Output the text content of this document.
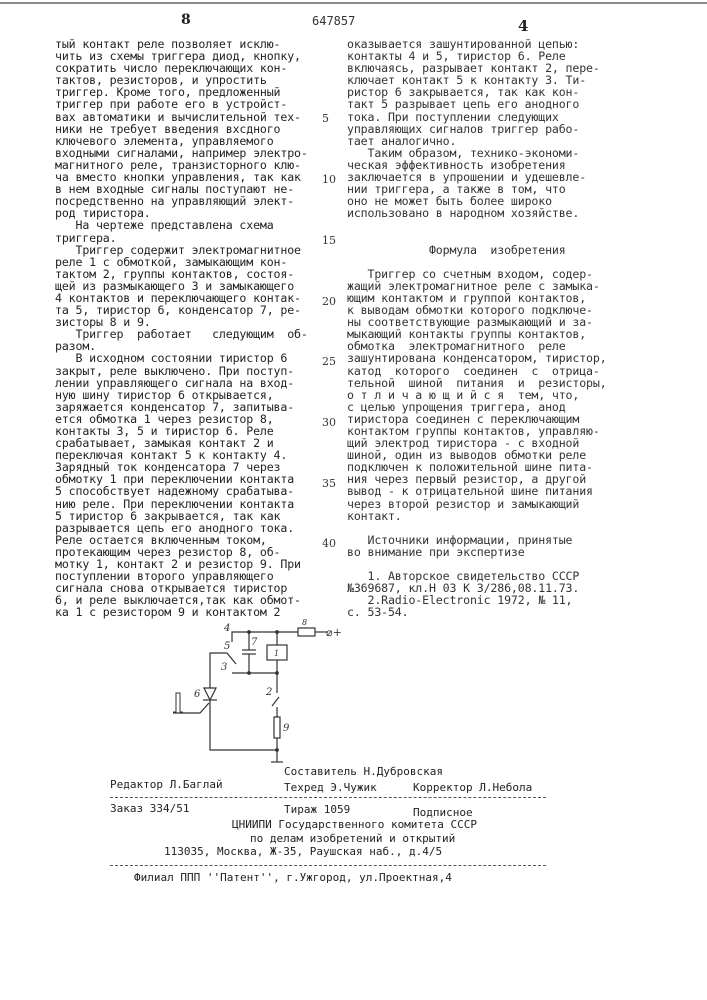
8	647857	4
тый контакт реле позволяет исклю-
чить из схемы триггера диод, кнопку,
сократить число переключающих кон-
тактов, резисторов, и упростить
триггер. Кроме того, предложенный
триггер при работе его в устройст-
вах автоматики и вычислительной тех-
ники не требует введения вхсдного
ключевого элемента, управляемого
входными сигналами, например электро-
магнитного реле, транзисторного клю-
ча вместо кнопки управления, так как
в нем входные сигналы поступают не-
посредственно на управляющий элект-
род тиристора.
На чертеже представлена схема
триггера.
Триггер содержит электромагнитное
реле 1 с обмоткой, замыкающим кон-
тактом 2, группы контактов, состоя-
щей из размыкающего 3 и замыкающего
4 контактов и переключающего контак-
та 5, тиристор 6, конденсатор 7, ре-
зисторы 8 и 9.
Триггер  работает   следующим  об-
разом.
В исходном состоянии тиристор 6
закрыт, реле выключено. При поступ-
лении управляющего сигнала на вход-
ную шину тиристор 6 открывается,
заряжается конденсатор 7, запитыва-
ется обмотка 1 через резистор 8,
контакты 3, 5 и тиристор 6. Реле
срабатывает, замыкая контакт 2 и
переключая контакт 5 к контакту 4.
Зарядный ток конденсатора 7 через
обмотку 1 при переключении контакта
5 способствует надежному срабатыва-
нию реле. При переключении контакта
5 тиристор 6 закрывается, так как
разрывается цепь его анодного тока.
Реле остается включенным током,
протекающим через резистор 8, об-
мотку 1, контакт 2 и резистор 9. При
поступлении второго управляющего
сигнала снова открывается тиристор
6, и реле выключается,так как обмот-
ка 1 с резистором 9 и контактом 2
оказывается зашунтированной цепью:
контакты 4 и 5, тиристор 6. Реле
включаясь, разрывает контакт 2, пере-
ключает контакт 5 к контакту 3. Ти-
ристор 6 закрывается, так как кон-
такт 5 разрывает цепь его анодного
тока. При поступлении следующих
управляющих сигналов триггер рабо-
тает аналогично.
Таким образом, технико-экономи-
ческая эффективность изобретения
заключается в упрошении и удешевле-
нии триггера, а также в том, что
оно не может быть более широко
использовано в народном хозяйстве.
Формула  изобретения
Триггер со счетным входом, содер-
жащий электромагнитное реле с замыка-
ющим контактом и группой контактов,
к выводам обмотки которого подключе-
ны соответствующие размыкающий и за-
мыкающий контакты группы контактов,
обмотка  электромагнитного  реле
зашунтирована конденсатором, тиристор,
катод  которого  соединен  с  отрица-
тельной  шиной  питания  и  резисторы,
о т л и ч а ю щ и й с я  тем, что,
с целью упрощения триггера, анод
тиристора соединен с переключающим
контактом группы контактов, управляю-
щий электрод тиристора - с входной
шиной, один из выводов обмотки реле
подключен к положительной шине пита-
ния через первый резистор, а другой
вывод - к отрицательной шине питания
через второй резистор и замыкающий
контакт.
Источники информации, принятые
во внимание при экспертизе
1. Авторское свидетельство СССР
№369687, кл.Н 03 К 3/286,08.11.73.
2.Radio-Electronic 1972, № 11,
с. 53-54.
5
10
15
20
25
30
35
40
4
5
3
2
6
7
1
8
9
⌀+
Составитель Н.Дубровская
Редактор Л.Баглай	Техред Э.Чужик	Корректор Л.Небола
Заказ 334/51	Тираж 1059	Подписное
ЦНИИПИ Государственного комитета СССР
по делам изобретений и открытий
113035, Москва, Ж-35, Раушская наб., д.4/5
Филиал ППП ''Патент'', г.Ужгород, ул.Проектная,4
